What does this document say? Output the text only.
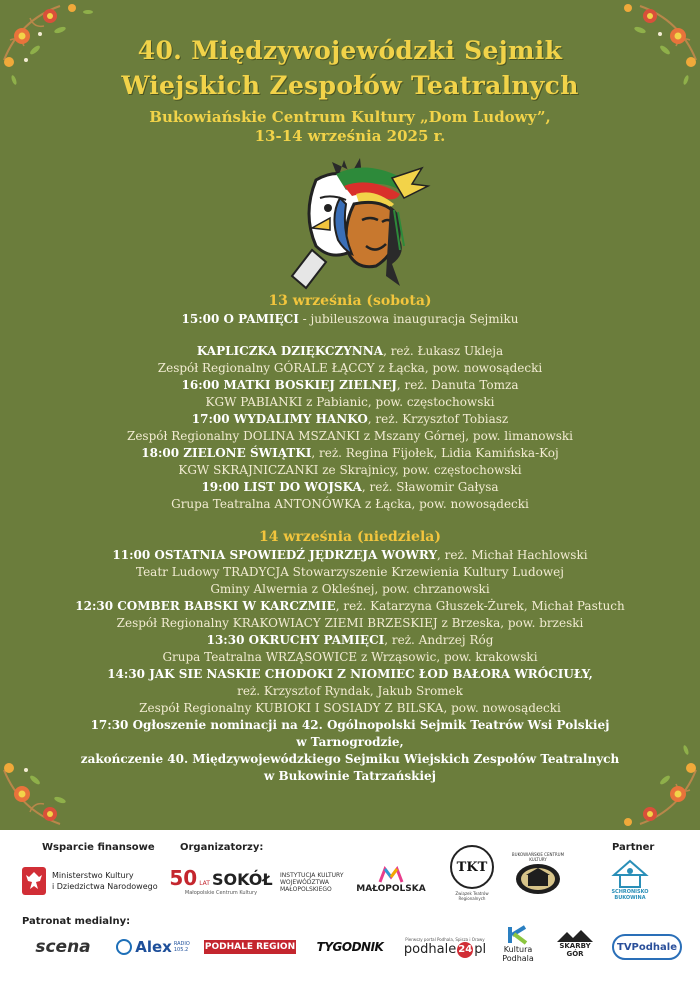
40. Międzywojewódzki Sejmik
Wiejskich Zespołów Teatralnych
Bukowiańskie Centrum Kultury „Dom Ludowy”,
13-14 września 2025 r.
13 września (sobota)
15:00 O PAMIĘCI - jubileuszowa inauguracja Sejmiku
KAPLICZKA DZIĘKCZYNNA, reż. Łukasz Ukleja
Zespół Regionalny GÓRALE ŁĄCCY z Łącka, pow. nowosądecki
16:00 MATKI BOSKIEJ ZIELNEJ, reż. Danuta Tomza
KGW PABIANKI z Pabianic, pow. częstochowski
17:00 WYDALIMY HANKO, reż. Krzysztof Tobiasz
Zespół Regionalny DOLINA MSZANKI z Mszany Górnej, pow. limanowski
18:00 ZIELONE ŚWIĄTKI, reż. Regina Fijołek, Lidia Kamińska-Koj
KGW SKRAJNICZANKI ze Skrajnicy, pow. częstochowski
19:00 LIST DO WOJSKA, reż. Sławomir Gałysa
Grupa Teatralna ANTONÓWKA z Łącka, pow. nowosądecki
14 września (niedziela)
11:00 OSTATNIA SPOWIEDŹ JĘDRZEJA WOWRY, reż. Michał Hachlowski
Teatr Ludowy TRADYCJA Stowarzyszenie Krzewienia Kultury Ludowej
Gminy Alwernia z Okleśnej, pow. chrzanowski
12:30 COMBER BABSKI W KARCZMIE, reż. Katarzyna Głuszek-Żurek, Michał Pastuch
Zespół Regionalny KRAKOWIACY ZIEMI BRZESKIEJ z Brzeska, pow. brzeski
13:30 OKRUCHY PAMIĘCI, reż. Andrzej Róg
Grupa Teatralna WRZĄSOWICE z Wrząsowic, pow. krakowski
14:30 JAK SIE NASKIE CHODOKI Z NIOMIEC ŁOD BAŁORA WRÓCIUŁY,
reż. Krzysztof Ryndak, Jakub Sromek
Zespół Regionalny KUBIOKI I SOSIADY Z BILSKA, pow. nowosądecki
17:30 Ogłoszenie nominacji na 42. Ogólnopolski Sejmik Teatrów Wsi Polskiej
w Tarnogrodzie,
zakończenie 40. Międzywojewódzkiego Sejmiku Wiejskich Zespołów Teatralnych
w Bukowinie Tatrzańskiej
Wsparcie finansowe	Organizatorzy:	Partner
Patronat medialny:
Ministerstwo Kultury
i Dziedzictwa Narodowego 50 LAT SOKÓŁ
Małopolskie Centrum Kultury
INSTYTUCJA KULTURY
WOJEWÓDZTWA
MAŁOPOLSKIEGO	MAŁOPOLSKA
TKT
Związek Teatrów Regionalnych
BUKOWIAŃSKIE CENTRUM KULTURY
SCHRONISKO BUKOWINA
scena	Alex RADIO
105.2 PODHALE REGION TYGODNIK
Pierwszy portal Podhala, Spisza i Orawy
podhale 24 pl Kultura
Podhala
SKARBY
GÓR
TVPodhale
